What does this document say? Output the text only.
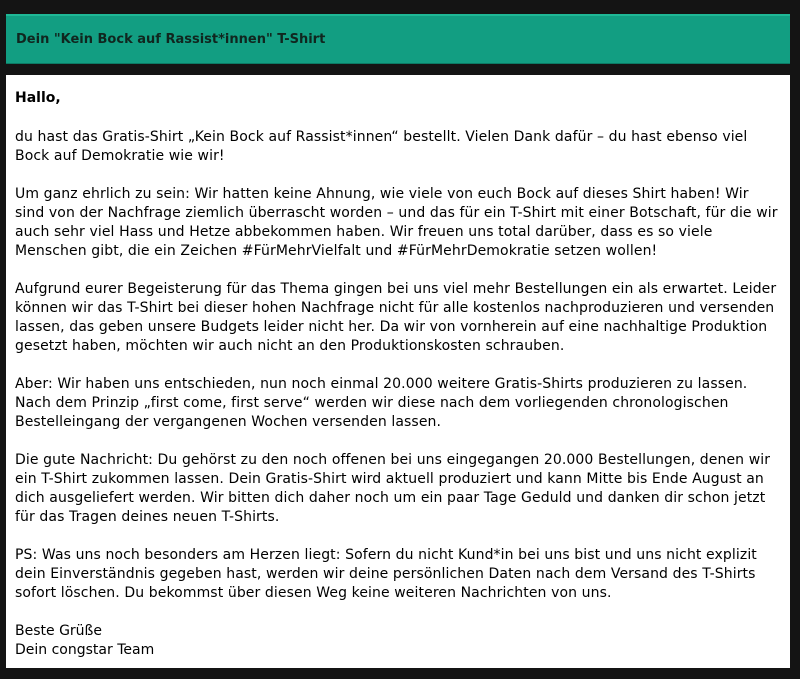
Dein "Kein Bock auf Rassist*innen" T-Shirt

Hallo,

du hast das Gratis-Shirt „Kein Bock auf Rassist*innen“ bestellt. Vielen Dank dafür – du hast ebenso viel Bock auf Demokratie wie wir!

Um ganz ehrlich zu sein: Wir hatten keine Ahnung, wie viele von euch Bock auf dieses Shirt haben! Wir sind von der Nachfrage ziemlich überrascht worden – und das für ein T-Shirt mit einer Botschaft, für die wir auch sehr viel Hass und Hetze abbekommen haben. Wir freuen uns total darüber, dass es so viele Menschen gibt, die ein Zeichen #FürMehrVielfalt und #FürMehrDemokratie setzen wollen!

Aufgrund eurer Begeisterung für das Thema gingen bei uns viel mehr Bestellungen ein als erwartet. Leider können wir das T-Shirt bei dieser hohen Nachfrage nicht für alle kostenlos nachproduzieren und versenden lassen, das geben unsere Budgets leider nicht her. Da wir von vornherein auf eine nachhaltige Produktion gesetzt haben, möchten wir auch nicht an den Produktionskosten schrauben.

Aber: Wir haben uns entschieden, nun noch einmal 20.000 weitere Gratis-Shirts produzieren zu lassen. Nach dem Prinzip „first come, first serve“ werden wir diese nach dem vorliegenden chronologischen Bestelleingang der vergangenen Wochen versenden lassen.

Die gute Nachricht: Du gehörst zu den noch offenen bei uns eingegangen 20.000 Bestellungen, denen wir ein T-Shirt zukommen lassen. Dein Gratis-Shirt wird aktuell produziert und kann Mitte bis Ende August an dich ausgeliefert werden. Wir bitten dich daher noch um ein paar Tage Geduld und danken dir schon jetzt für das Tragen deines neuen T-Shirts.

PS: Was uns noch besonders am Herzen liegt: Sofern du nicht Kund*in bei uns bist und uns nicht explizit dein Einverständnis gegeben hast, werden wir deine persönlichen Daten nach dem Versand des T-Shirts sofort löschen. Du bekommst über diesen Weg keine weiteren Nachrichten von uns.

Beste Grüße

Dein congstar Team
